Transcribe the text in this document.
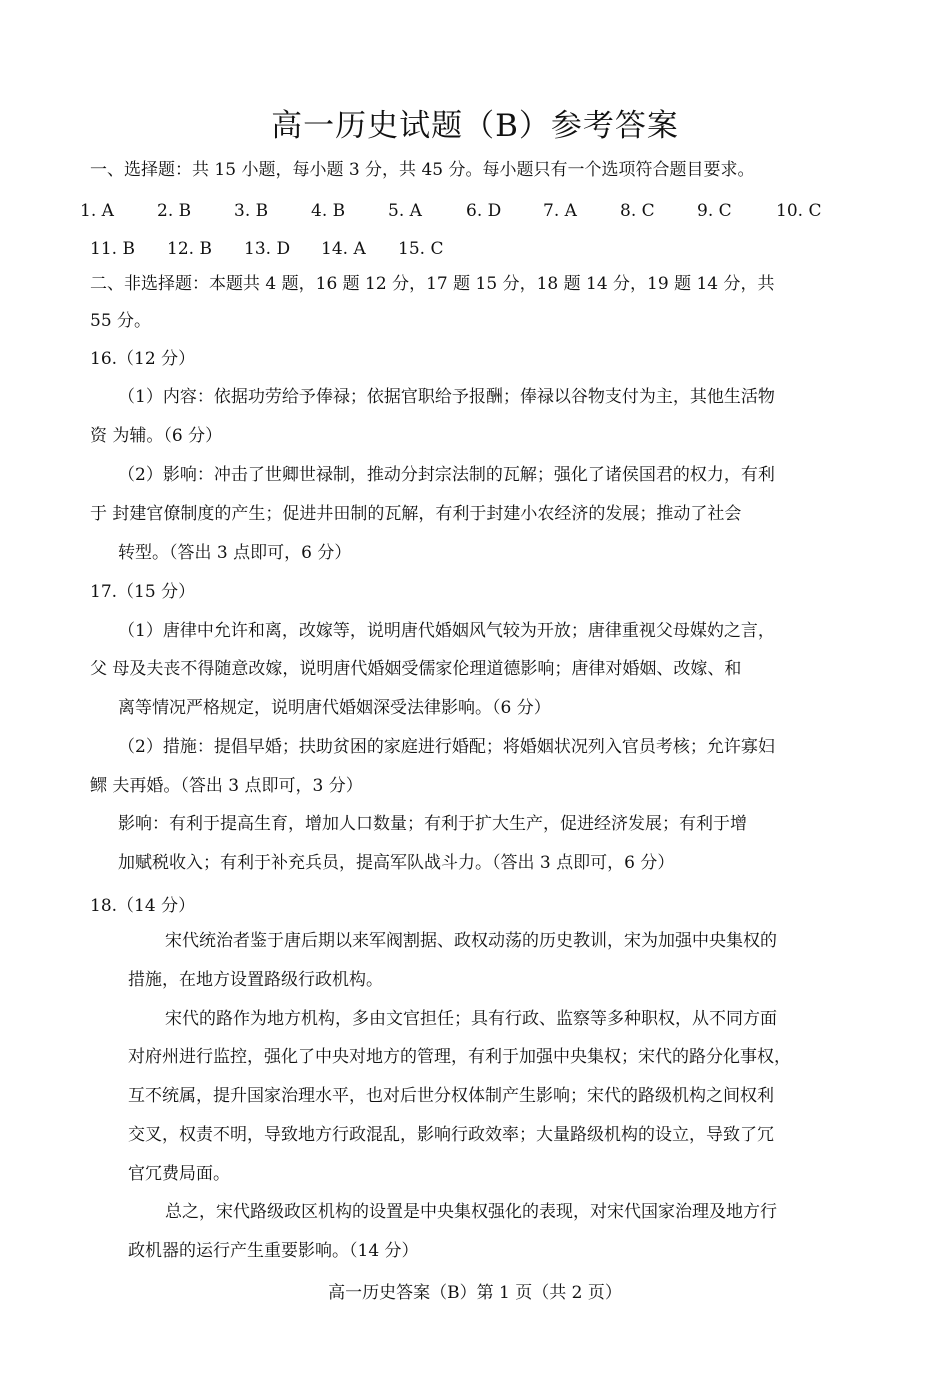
高一历史试题（B）参考答案
一、选择题：共 15 小题，每小题 3 分，共 45 分。每小题只有一个选项符合题目要求。
1. A	2. B	3. B	4. B	5. A	6. D 7. A	8. C 9. C	10. C
11. B 12. B 13. D 14. A 15. C
二、非选择题：本题共 4 题，16 题 12 分，17 题 15 分，18 题 14 分，19 题 14 分，共
55 分。
16.（12 分）
（1）内容：依据功劳给予俸禄；依据官职给予报酬；俸禄以谷物支付为主，其他生活物
资 为辅。（6 分）
（2）影响：冲击了世卿世禄制，推动分封宗法制的瓦解；强化了诸侯国君的权力，有利
于 封建官僚制度的产生；促进井田制的瓦解，有利于封建小农经济的发展；推动了社会
转型。（答出 3 点即可，6 分）
17.（15 分）
（1）唐律中允许和离，改嫁等，说明唐代婚姻风气较为开放；唐律重视父母媒妁之言，
父 母及夫丧不得随意改嫁，说明唐代婚姻受儒家伦理道德影响；唐律对婚姻、改嫁、和
离等情况严格规定，说明唐代婚姻深受法律影响。（6 分）
（2）措施：提倡早婚；扶助贫困的家庭进行婚配；将婚姻状况列入官员考核；允许寡妇
鳏 夫再婚。（答出 3 点即可，3 分）
影响：有利于提高生育，增加人口数量；有利于扩大生产，促进经济发展；有利于增
加赋税收入；有利于补充兵员，提高军队战斗力。（答出 3 点即可，6 分）
18.（14 分）
宋代统治者鉴于唐后期以来军阀割据、政权动荡的历史教训，宋为加强中央集权的
措施，在地方设置路级行政机构。
宋代的路作为地方机构，多由文官担任；具有行政、监察等多种职权，从不同方面
对府州进行监控，强化了中央对地方的管理，有利于加强中央集权；宋代的路分化事权，
互不统属，提升国家治理水平，也对后世分权体制产生影响；宋代的路级机构之间权利
交叉，权责不明，导致地方行政混乱，影响行政效率；大量路级机构的设立，导致了冗
官冗费局面。
总之，宋代路级政区机构的设置是中央集权强化的表现，对宋代国家治理及地方行
政机器的运行产生重要影响。（14 分）
高一历史答案（B）第 1 页（共 2 页）
